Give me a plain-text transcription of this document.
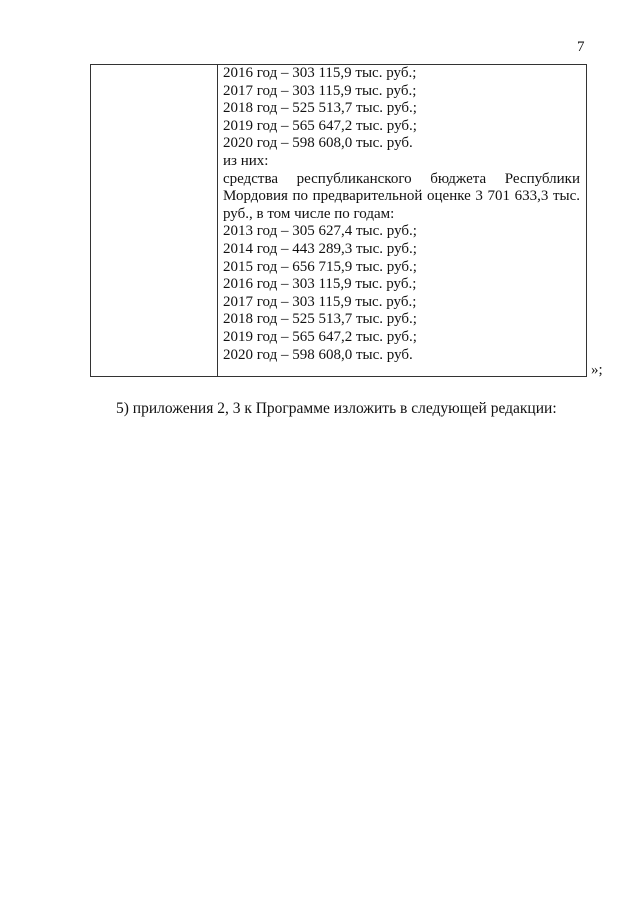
7
2016 год – 303 115,9 тыс. руб.;
2017 год – 303 115,9 тыс. руб.;
2018 год – 525 513,7 тыс. руб.;
2019 год – 565 647,2 тыс. руб.;
2020 год – 598 608,0 тыс. руб.
из них:
средства республиканского бюджета Республики
Мордовия по предварительной оценке 3 701 633,3 тыс.
руб., в том числе по годам:
2013 год – 305 627,4 тыс. руб.;
2014 год – 443 289,3 тыс. руб.;
2015 год – 656 715,9 тыс. руб.;
2016 год – 303 115,9 тыс. руб.;
2017 год – 303 115,9 тыс. руб.;
2018 год – 525 513,7 тыс. руб.;
2019 год – 565 647,2 тыс. руб.;
2020 год – 598 608,0 тыс. руб.
»;
5) приложения 2, 3 к Программе изложить в следующей редакции:
